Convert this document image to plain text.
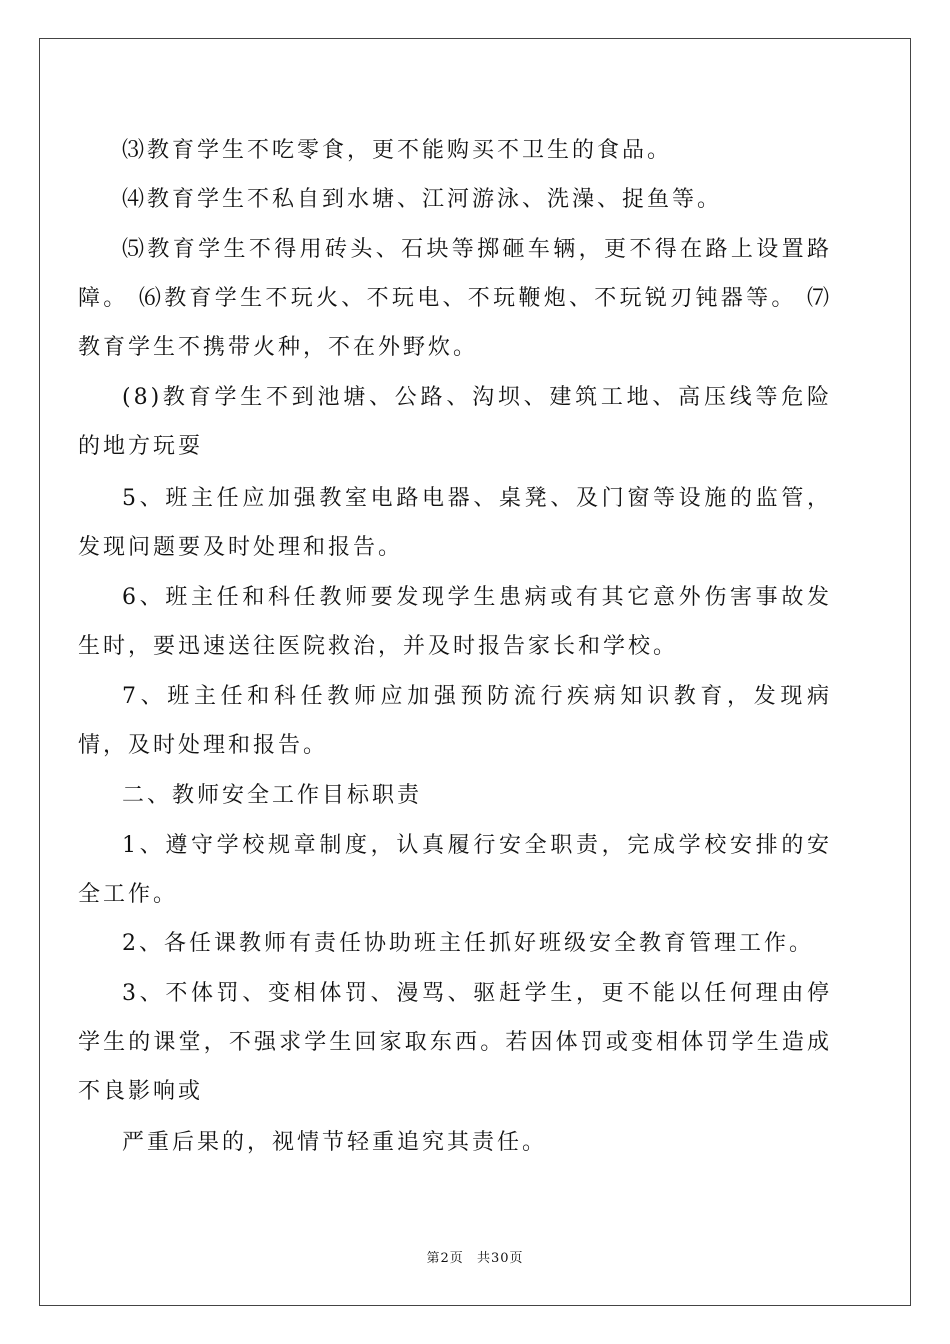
⑶教育学生不吃零食，更不能购买不卫生的食品。

⑷教育学生不私自到水塘、江河游泳、洗澡、捉鱼等。

⑸教育学生不得用砖头、石块等掷砸车辆，更不得在路上设置路障。 ⑹教育学生不玩火、不玩电、不玩鞭炮、不玩锐刃钝器等。 ⑺教育学生不携带火种，不在外野炊。

(8)教育学生不到池塘、公路、沟坝、建筑工地、高压线等危险的地方玩耍

5、班主任应加强教室电路电器、桌凳、及门窗等设施的监管，发现问题要及时处理和报告。

6、班主任和科任教师要发现学生患病或有其它意外伤害事故发生时，要迅速送往医院救治，并及时报告家长和学校。

7、班主任和科任教师应加强预防流行疾病知识教育，发现病情，及时处理和报告。

二、教师安全工作目标职责

1、遵守学校规章制度，认真履行安全职责，完成学校安排的安全工作。

2、各任课教师有责任协助班主任抓好班级安全教育管理工作。

3、不体罚、变相体罚、漫骂、驱赶学生，更不能以任何理由停学生的课堂，不强求学生回家取东西。若因体罚或变相体罚学生造成不良影响或

严重后果的，视情节轻重追究其责任。

第2页 共30页
